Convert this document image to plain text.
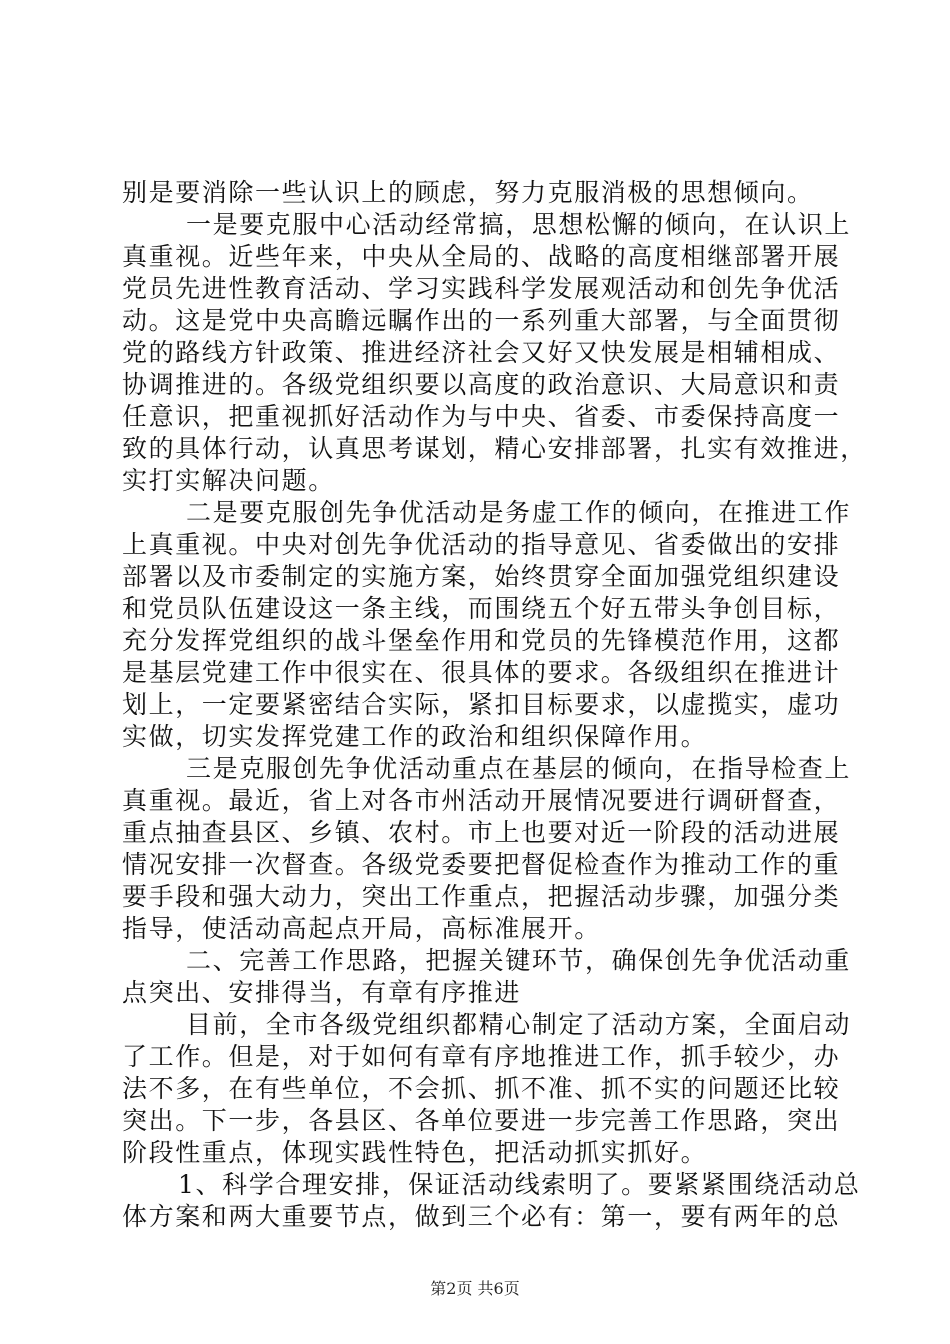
别是要消除一些认识上的顾虑，努力克服消极的思想倾向。
一是要克服中心活动经常搞，思想松懈的倾向，在认识上
真重视。近些年来，中央从全局的、战略的高度相继部署开展
党员先进性教育活动、学习实践科学发展观活动和创先争优活
动。这是党中央高瞻远瞩作出的一系列重大部署，与全面贯彻
党的路线方针政策、推进经济社会又好又快发展是相辅相成、
协调推进的。各级党组织要以高度的政治意识、大局意识和责
任意识，把重视抓好活动作为与中央、省委、市委保持高度一
致的具体行动，认真思考谋划，精心安排部署，扎实有效推进，
实打实解决问题。
二是要克服创先争优活动是务虚工作的倾向，在推进工作
上真重视。中央对创先争优活动的指导意见、省委做出的安排
部署以及市委制定的实施方案，始终贯穿全面加强党组织建设
和党员队伍建设这一条主线，而围绕五个好五带头争创目标，
充分发挥党组织的战斗堡垒作用和党员的先锋模范作用，这都
是基层党建工作中很实在、很具体的要求。各级组织在推进计
划上，一定要紧密结合实际，紧扣目标要求，以虚揽实，虚功
实做，切实发挥党建工作的政治和组织保障作用。
三是克服创先争优活动重点在基层的倾向，在指导检查上
真重视。最近，省上对各市州活动开展情况要进行调研督查，
重点抽查县区、乡镇、农村。市上也要对近一阶段的活动进展
情况安排一次督查。各级党委要把督促检查作为推动工作的重
要手段和强大动力，突出工作重点，把握活动步骤，加强分类
指导，使活动高起点开局，高标准展开。
二、完善工作思路，把握关键环节，确保创先争优活动重
点突出、安排得当，有章有序推进
目前，全市各级党组织都精心制定了活动方案，全面启动
了工作。但是，对于如何有章有序地推进工作，抓手较少，办
法不多，在有些单位，不会抓、抓不准、抓不实的问题还比较
突出。下一步，各县区、各单位要进一步完善工作思路，突出
阶段性重点，体现实践性特色，把活动抓实抓好。
1、科学合理安排，保证活动线索明了。要紧紧围绕活动总
体方案和两大重要节点，做到三个必有：第一，要有两年的总
第2页 共6页
